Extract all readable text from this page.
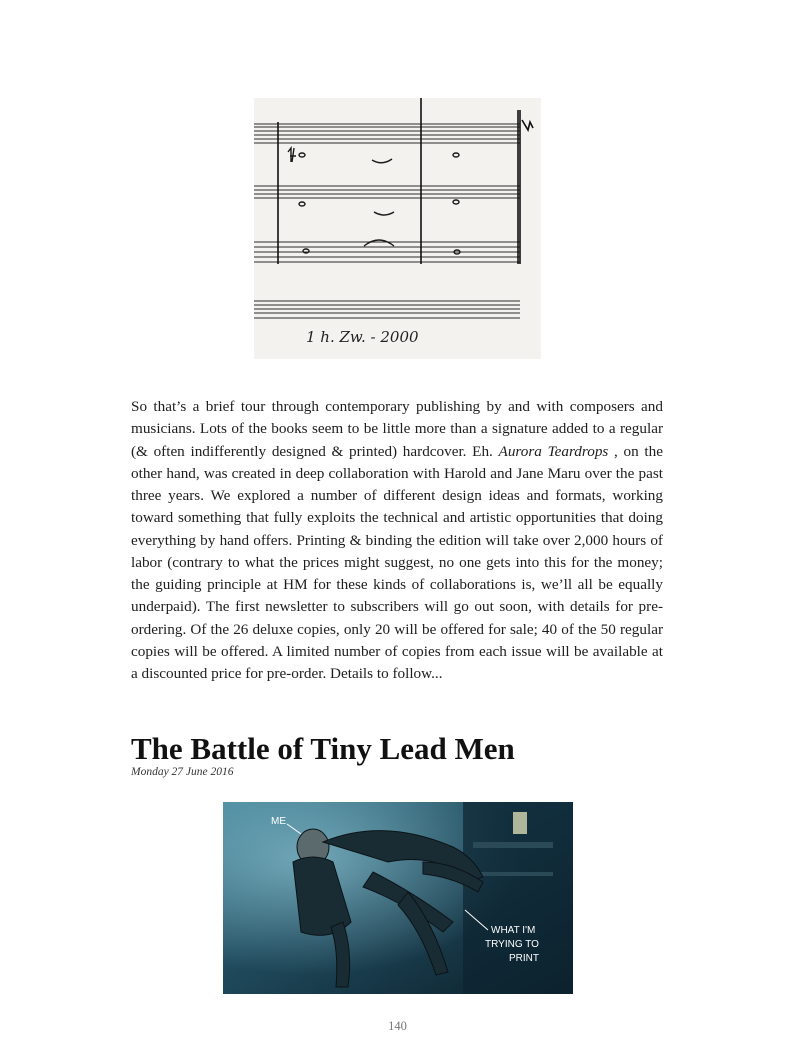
1 h. Zw. - 2000

So that’s a brief tour through contemporary publishing by and with composers and musicians. Lots of the books seem to be little more than a signature added to a regular (& often indifferently designed & printed) hardcover. Eh. Aurora Teardrops , on the other hand, was created in deep collaboration with Harold and Jane Maru over the past three years. We explored a number of different design ideas and formats, working toward something that fully exploits the technical and artistic opportunities that doing everything by hand offers. Printing & binding the edition will take over 2,000 hours of labor (contrary to what the prices might suggest, no one gets into this for the money; the guiding principle at HM for these kinds of collaborations is, we’ll all be equally underpaid). The first newsletter to subscribers will go out soon, with details for pre-ordering. Of the 26 deluxe copies, only 20 will be offered for sale; 40 of the 50 regular copies will be offered. A limited number of copies from each issue will be available at a discounted price for pre-order. Details to follow...

The Battle of Tiny Lead Men
Monday 27 June 2016
ME
WHAT I'M
TRYING TO
PRINT
140
